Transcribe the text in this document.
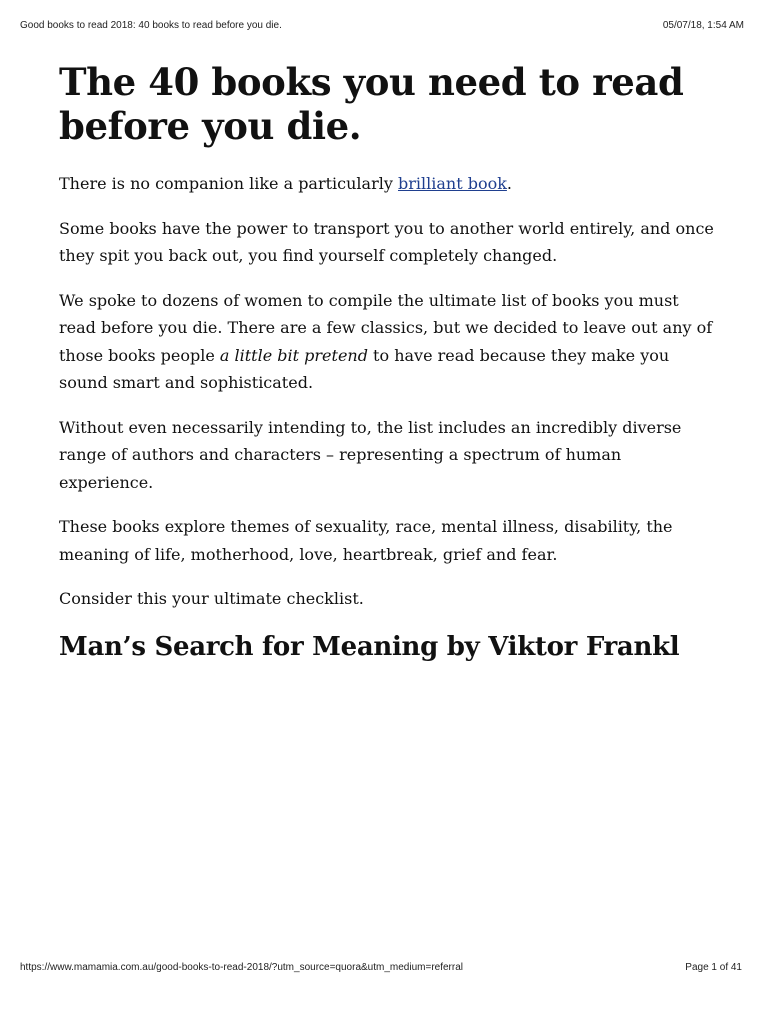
Good books to read 2018: 40 books to read before you die.	05/07/18, 1:54 AM
The 40 books you need to read before you die.

There is no companion like a particularly brilliant book.

Some books have the power to transport you to another world entirely, and once they spit you back out, you find yourself completely changed.

We spoke to dozens of women to compile the ultimate list of books you must read before you die. There are a few classics, but we decided to leave out any of those books people a little bit pretend to have read because they make you sound smart and sophisticated.

Without even necessarily intending to, the list includes an incredibly diverse range of authors and characters – representing a spectrum of human experience.

These books explore themes of sexuality, race, mental illness, disability, the meaning of life, motherhood, love, heartbreak, grief and fear.

Consider this your ultimate checklist.

Man’s Search for Meaning by Viktor Frankl
https://www.mamamia.com.au/good-books-to-read-2018/?utm_source=quora&utm_medium=referral	Page 1 of 41
